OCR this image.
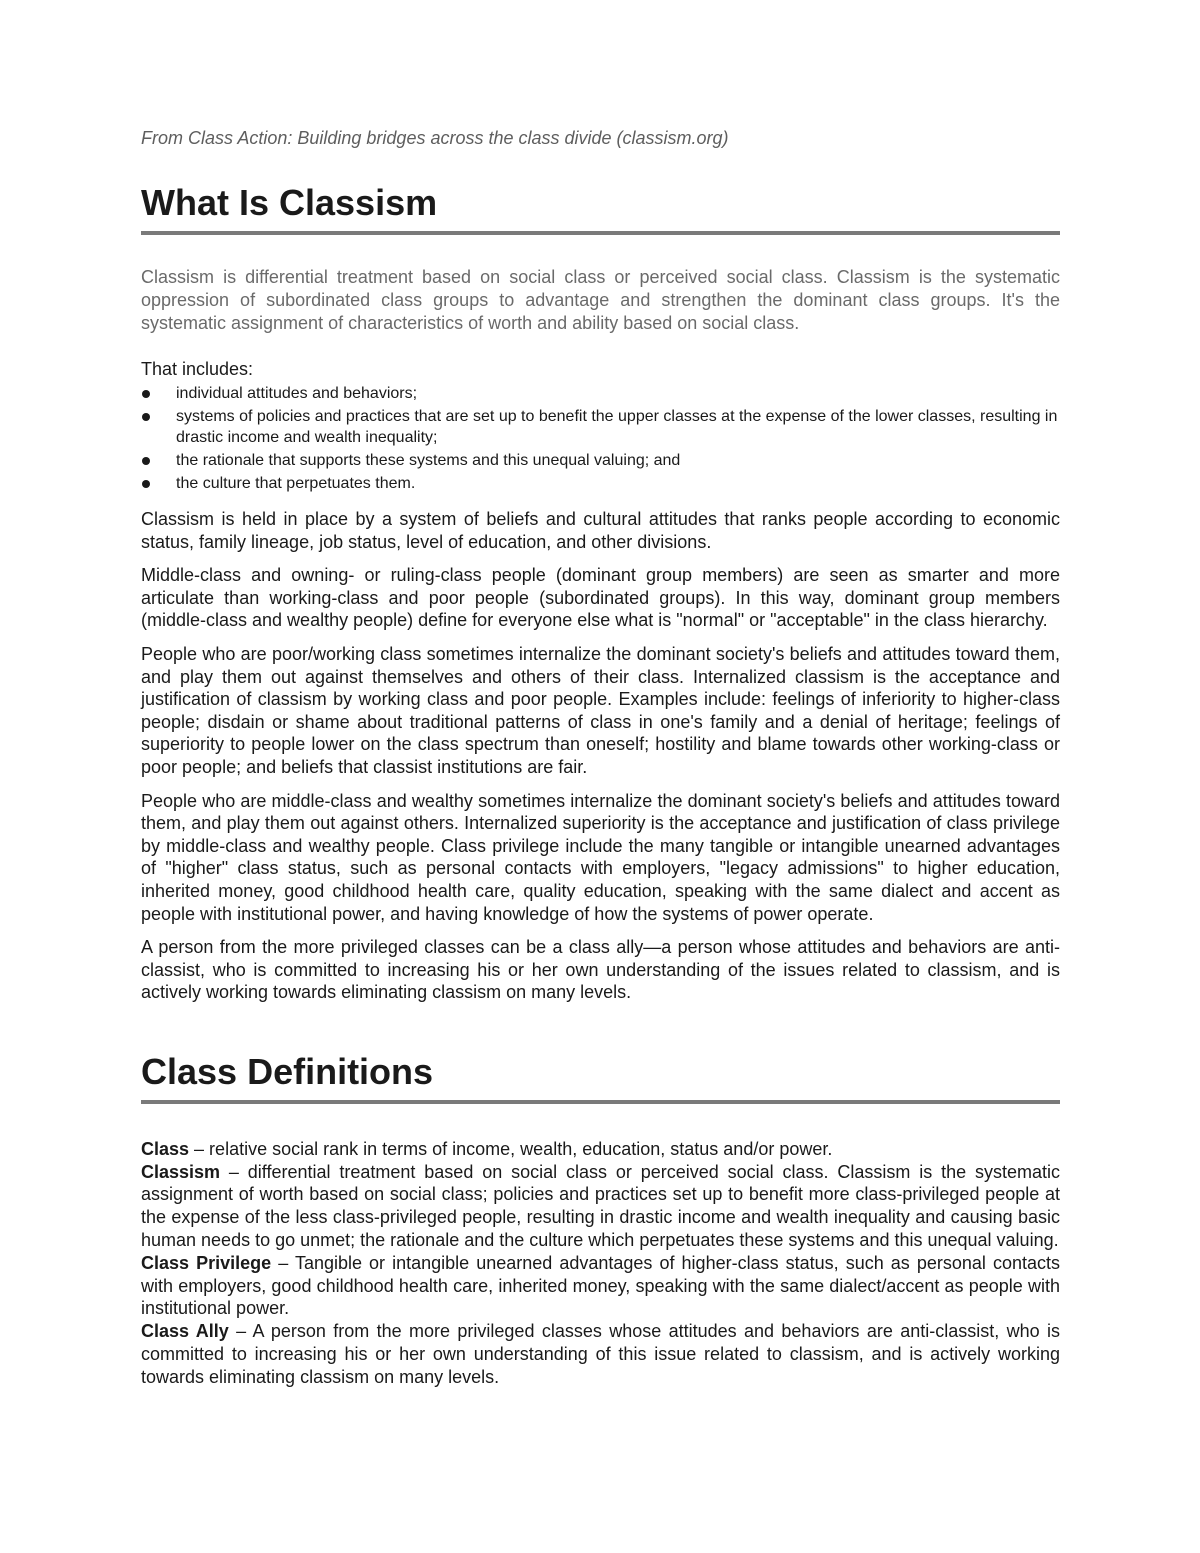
From Class Action: Building bridges across the class divide (classism.org)

What Is Classism

Classism is differential treatment based on social class or perceived social class. Classism is the systematic oppression of subordinated class groups to advantage and strengthen the dominant class groups. It's the systematic assignment of characteristics of worth and ability based on social class.

That includes:

individual attitudes and behaviors;
systems of policies and practices that are set up to benefit the upper classes at the expense of the lower classes, resulting in drastic income and wealth inequality;
the rationale that supports these systems and this unequal valuing; and
the culture that perpetuates them.

Classism is held in place by a system of beliefs and cultural attitudes that ranks people according to economic status, family lineage, job status, level of education, and other divisions.

Middle-class and owning- or ruling-class people (dominant group members) are seen as smarter and more articulate than working-class and poor people (subordinated groups). In this way, dominant group members (middle-class and wealthy people) define for everyone else what is "normal" or "acceptable" in the class hierarchy.

People who are poor/working class sometimes internalize the dominant society's beliefs and attitudes toward them, and play them out against themselves and others of their class. Internalized classism is the acceptance and justification of classism by working class and poor people. Examples include: feelings of inferiority to higher-class people; disdain or shame about traditional patterns of class in one's family and a denial of heritage; feelings of superiority to people lower on the class spectrum than oneself; hostility and blame towards other working-class or poor people; and beliefs that classist institutions are fair.

People who are middle-class and wealthy sometimes internalize the dominant society's beliefs and attitudes toward them, and play them out against others. Internalized superiority is the acceptance and justification of class privilege by middle-class and wealthy people. Class privilege include the many tangible or intangible unearned advantages of "higher" class status, such as personal contacts with employers, "legacy admissions" to higher education, inherited money, good childhood health care, quality education, speaking with the same dialect and accent as people with institutional power, and having knowledge of how the systems of power operate.

A person from the more privileged classes can be a class ally—a person whose attitudes and behaviors are anti-classist, who is committed to increasing his or her own understanding of the issues related to classism, and is actively working towards eliminating classism on many levels.

Class Definitions

Class – relative social rank in terms of income, wealth, education, status and/or power.

Classism – differential treatment based on social class or perceived social class. Classism is the systematic assignment of worth based on social class; policies and practices set up to benefit more class-privileged people at the expense of the less class-privileged people, resulting in drastic income and wealth inequality and causing basic human needs to go unmet; the rationale and the culture which perpetuates these systems and this unequal valuing.

Class Privilege – Tangible or intangible unearned advantages of higher-class status, such as personal contacts with employers, good childhood health care, inherited money, speaking with the same dialect/accent as people with institutional power.

Class Ally – A person from the more privileged classes whose attitudes and behaviors are anti-classist, who is committed to increasing his or her own understanding of this issue related to classism, and is actively working towards eliminating classism on many levels.
